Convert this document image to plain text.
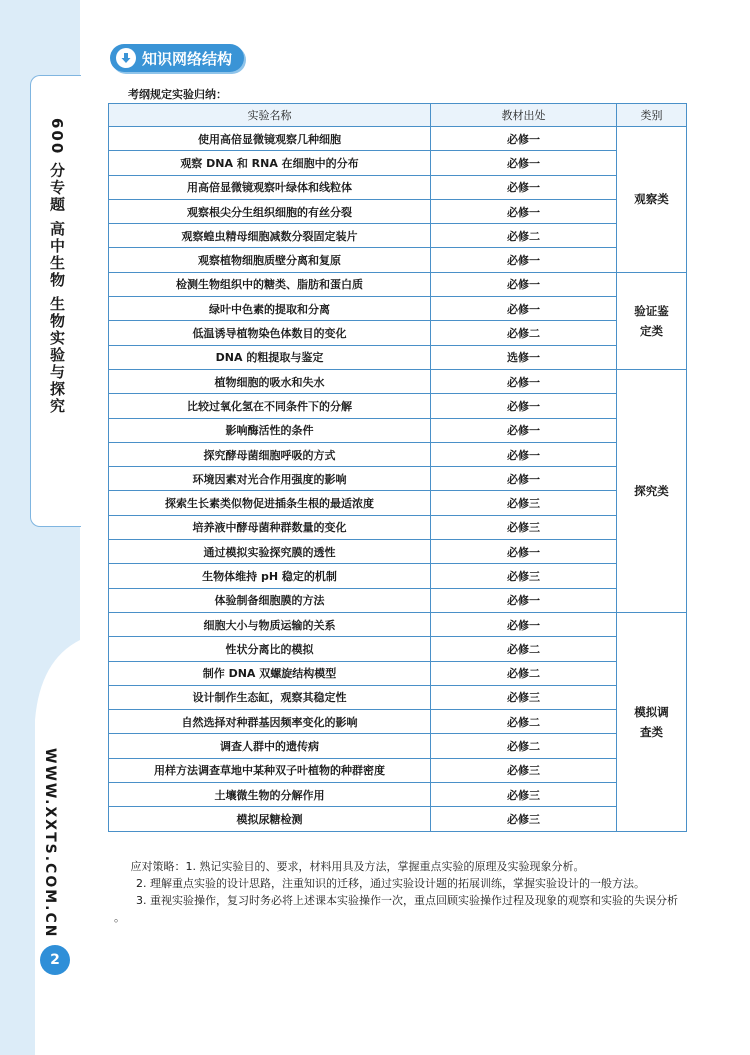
600 分专题 高中生物 生物实验与探究
WWW.XXTS.COM.CN
2
知识网络结构
考纲规定实验归纳：
实验名称	教材出处	类别
使用高倍显微镜观察几种细胞	必修一	观察类

观察 DNA 和 RNA 在细胞中的分布	必修一	
用高倍显微镜观察叶绿体和线粒体	必修一	
观察根尖分生组织细胞的有丝分裂	必修一	
观察蝗虫精母细胞减数分裂固定装片	必修二	
观察植物细胞质壁分离和复原	必修一	
检测生物组织中的糖类、脂肪和蛋白质	必修一	验证鉴
定类

绿叶中色素的提取和分离	必修一	
低温诱导植物染色体数目的变化	必修二	
DNA 的粗提取与鉴定	选修一	
植物细胞的吸水和失水	必修一	探究类

比较过氧化氢在不同条件下的分解	必修一	
影响酶活性的条件	必修一	
探究酵母菌细胞呼吸的方式	必修一	
环境因素对光合作用强度的影响	必修一	
探索生长素类似物促进插条生根的最适浓度	必修三	
培养液中酵母菌种群数量的变化	必修三	
通过模拟实验探究膜的透性	必修一	
生物体维持 pH 稳定的机制	必修三	
体验制备细胞膜的方法	必修一	
细胞大小与物质运输的关系	必修一	模拟调
查类

性状分离比的模拟	必修二	
制作 DNA 双螺旋结构模型	必修二	
设计制作生态缸，观察其稳定性	必修三	
自然选择对种群基因频率变化的影响	必修二	
调查人群中的遗传病	必修二	
用样方法调查草地中某种双子叶植物的种群密度	必修三	
土壤微生物的分解作用	必修三	
模拟尿糖检测	必修三	

应对策略：1. 熟记实验目的、要求，材料用具及方法，掌握重点实验的原理及实验现象分析。

2. 理解重点实验的设计思路，注重知识的迁移，通过实验设计题的拓展训练，掌握实验设计的一般方法。

3. 重视实验操作，复习时务必将上述课本实验操作一次，重点回顾实验操作过程及现象的观察和实验的失误分析 。
